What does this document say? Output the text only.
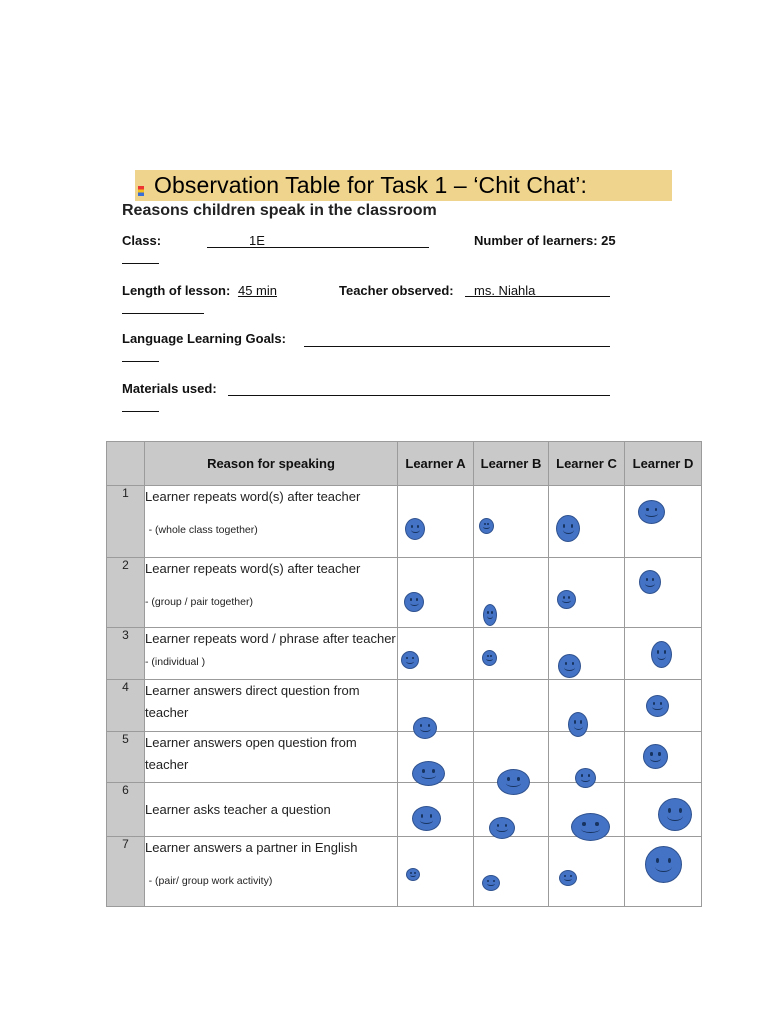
Observation Table for Task 1 – ‘Chit Chat’:
Reasons children speak in the classroom
Class:	1E	Number of learners: 25
Length of lesson: 45 min	Teacher observed: ms. Niahla
Language Learning Goals:
Materials used:
	Reason for speaking	Learner A	Learner B	Learner C	Learner D
1	Learner repeats word(s) after teacher
- (whole class together)				
2	Learner repeats word(s) after teacher
- (group / pair together)				
3	Learner repeats word / phrase after teacher - (individual )				
4	Learner answers direct question from teacher				
5	Learner answers open question from teacher				
6	Learner asks teacher a question				
7	Learner answers a partner in English
- (pair/ group work activity)				
